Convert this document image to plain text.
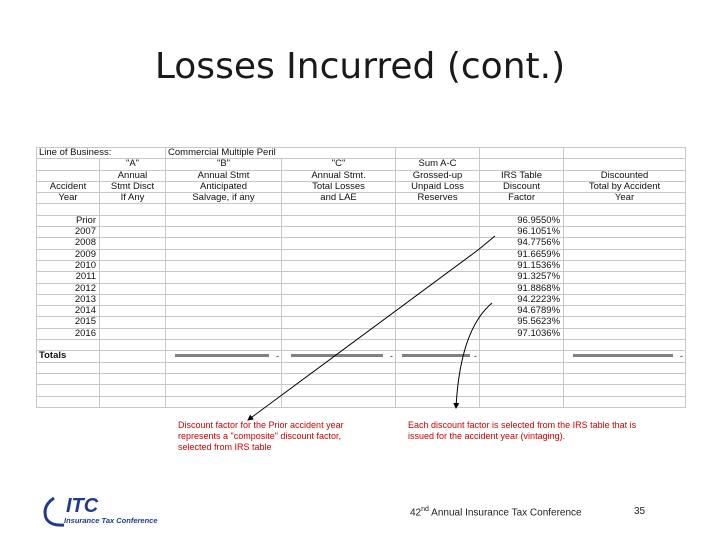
Losses Incurred (cont.)
Line of Business:		Commercial Multiple Peril				
	"A"	"B"	"C"	Sum A-C		
	Annual	Annual Stmt	Annual Stmt.	Grossed-up	IRS Table	Discounted
Accident	Stmt Disct	Anticipated	Total Losses	Unpaid Loss	Discount	Total by Accident
Year	If Any	Salvage, if any	and LAE	Reserves	Factor	Year

Prior					96.9550%	
2007					96.1051%	
2008					94.7756%	
2009					91.6659%	
2010					91.1536%	
2011					91.3257%	
2012					91.8868%	
2013					94.2223%	
2014					94.6789%	
2015					95.5623%	
2016					97.1036%	

Totals		-	-	-		-

Discount factor for the Prior accident year
represents a "composite" discount factor,
selected from IRS table
Each discount factor is selected from the IRS table that is
issued for the accident year (vintaging).
ITC
Insurance Tax Conference
42nd Annual Insurance Tax Conference	35
